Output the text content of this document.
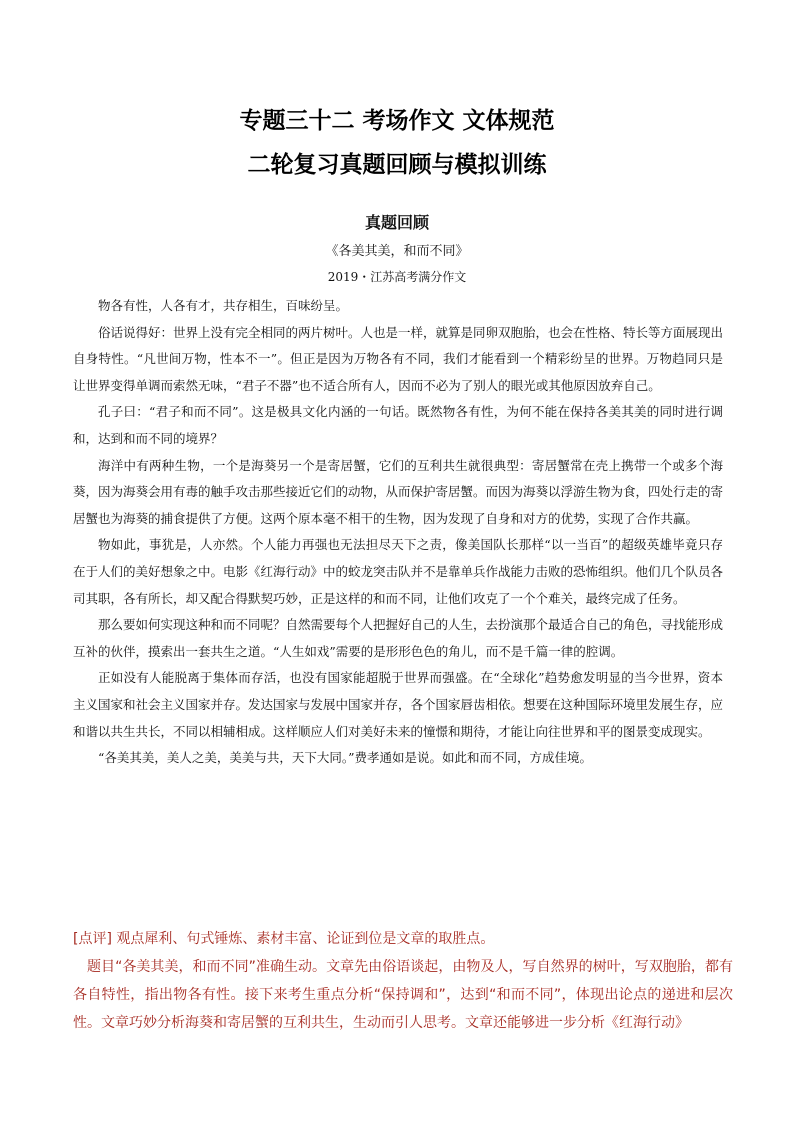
专题三十二 考场作文 文体规范
二轮复习真题回顾与模拟训练
真题回顾
《各美其美，和而不同》
2019・江苏高考满分作文

物各有性，人各有才，共存相生，百味纷呈。

俗话说得好：世界上没有完全相同的两片树叶。人也是一样，就算是同卵双胞胎，也会在性格、特长等方面展现出自身特性。“凡世间万物，性本不一”。但正是因为万物各有不同，我们才能看到一个精彩纷呈的世界。万物趋同只是让世界变得单调而索然无味，“君子不器”也不适合所有人，因而不必为了别人的眼光或其他原因放弃自己。

孔子曰：“君子和而不同”。这是极具文化内涵的一句话。既然物各有性，为何不能在保持各美其美的同时进行调和，达到和而不同的境界？

海洋中有两种生物，一个是海葵另一个是寄居蟹，它们的互利共生就很典型：寄居蟹常在壳上携带一个或多个海葵，因为海葵会用有毒的触手攻击那些接近它们的动物，从而保护寄居蟹。而因为海葵以浮游生物为食，四处行走的寄居蟹也为海葵的捕食提供了方便。这两个原本毫不相干的生物，因为发现了自身和对方的优势，实现了合作共赢。

物如此，事犹是，人亦然。个人能力再强也无法担尽天下之责，像美国队长那样“以一当百”的超级英雄毕竟只存在于人们的美好想象之中。电影《红海行动》中的蛟龙突击队并不是靠单兵作战能力击败的恐怖组织。他们几个队员各司其职，各有所长，却又配合得默契巧妙，正是这样的和而不同，让他们攻克了一个个难关，最终完成了任务。

那么要如何实现这种和而不同呢？自然需要每个人把握好自己的人生，去扮演那个最适合自己的角色，寻找能形成互补的伙伴，摸索出一套共生之道。“人生如戏”需要的是形形色色的角儿，而不是千篇一律的腔调。

正如没有人能脱离于集体而存活，也没有国家能超脱于世界而强盛。在“全球化”趋势愈发明显的当今世界，资本主义国家和社会主义国家并存。发达国家与发展中国家并存，各个国家唇齿相依。想要在这种国际环境里发展生存，应和谐以共生共长，不同以相辅相成。这样顺应人们对美好未来的憧憬和期待，才能让向往世界和平的图景变成现实。

“各美其美，美人之美，美美与共，天下大同。”费孝通如是说。如此和而不同，方成佳境。

[点评] 观点犀利、句式锤炼、素材丰富、论证到位是文章的取胜点。

题目“各美其美，和而不同”准确生动。文章先由俗语谈起，由物及人，写自然界的树叶，写双胞胎，都有各自特性，指出物各有性。接下来考生重点分析“保持调和”，达到“和而不同”，体现出论点的递进和层次性。文章巧妙分析海葵和寄居蟹的互利共生，生动而引人思考。文章还能够进一步分析《红海行动》
